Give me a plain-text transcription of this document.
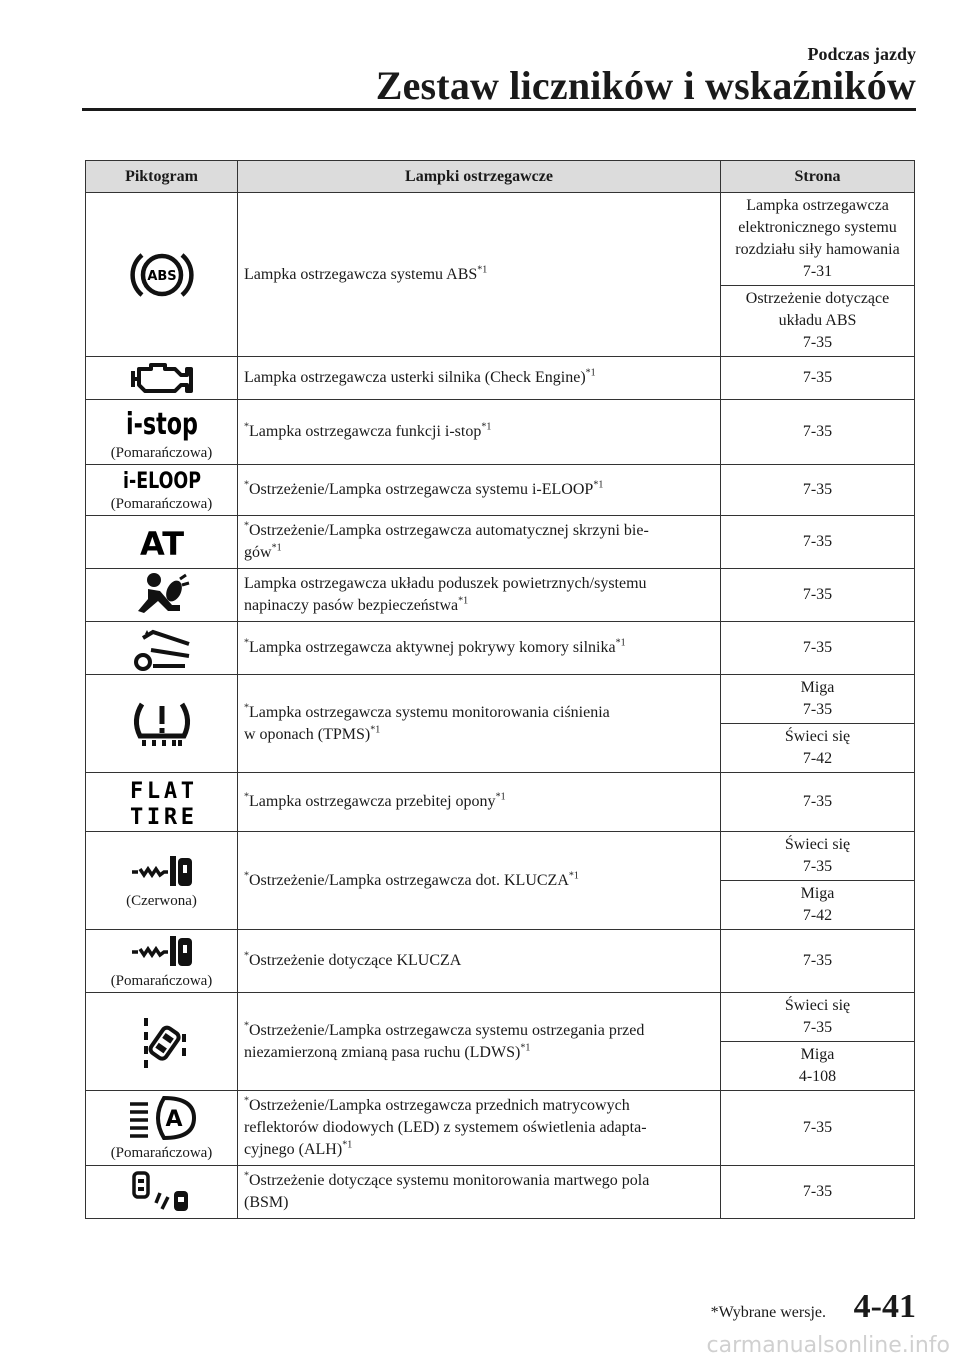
Podczas jazdy
Zestaw liczników i wskaźników
Piktogram	Lampki ostrzegawcze	Strona

ABS	Lampka ostrzegawcza systemu ABS$^{*1}$	Lampka ostrzegawcza elektronicznego systemu rozdziału siły hamowania
7-31
		Ostrzeżenie dotyczące układu ABS
7-35

	Lampka ostrzegawcza usterki silnika (Check Engine)$^{*1}$	7-35

i-stop
(Pomarańczowa)	*Lampka ostrzegawcza funkcji i-stop$^{*1}$	7-35

i-ELOOP
(Pomarańczowa)	*Ostrzeżenie/Lampka ostrzegawcza systemu i-ELOOP$^{*1}$	7-35

AT	*Ostrzeżenie/Lampka ostrzegawcza automatycznej skrzyni bie-
gów$^{*1}$	7-35

	Lampka ostrzegawcza układu poduszek powietrznych/systemu
napinaczy pasów bezpieczeństwa$^{*1}$	7-35

	*Lampka ostrzegawcza aktywnej pokrywy komory silnika$^{*1}$	7-35

	*Lampka ostrzegawcza systemu monitorowania ciśnienia
w oponach (TPMS)$^{*1}$	Miga
7-35
		Świeci się
7-42

FLAT
TIRE	*Lampka ostrzegawcza przebitej opony$^{*1}$	7-35

(Czerwona)	*Ostrzeżenie/Lampka ostrzegawcza dot. KLUCZA$^{*1}$	Świeci się
7-35
		Miga
7-42

(Pomarańczowa)	*Ostrzeżenie dotyczące KLUCZA	7-35

	*Ostrzeżenie/Lampka ostrzegawcza systemu ostrzegania przed
niezamierzoną zmianą pasa ruchu (LDWS)$^{*1}$	Świeci się
7-35
		Miga
4-108

A
(Pomarańczowa)	*Ostrzeżenie/Lampka ostrzegawcza przednich matrycowych
reflektorów diodowych (LED) z systemem oświetlenia adapta-
cyjnego (ALH)$^{*1}$	7-35

	*Ostrzeżenie dotyczące systemu monitorowania martwego pola
(BSM)	7-35
*Wybrane wersje. 4-41
carmanualsonline.info
